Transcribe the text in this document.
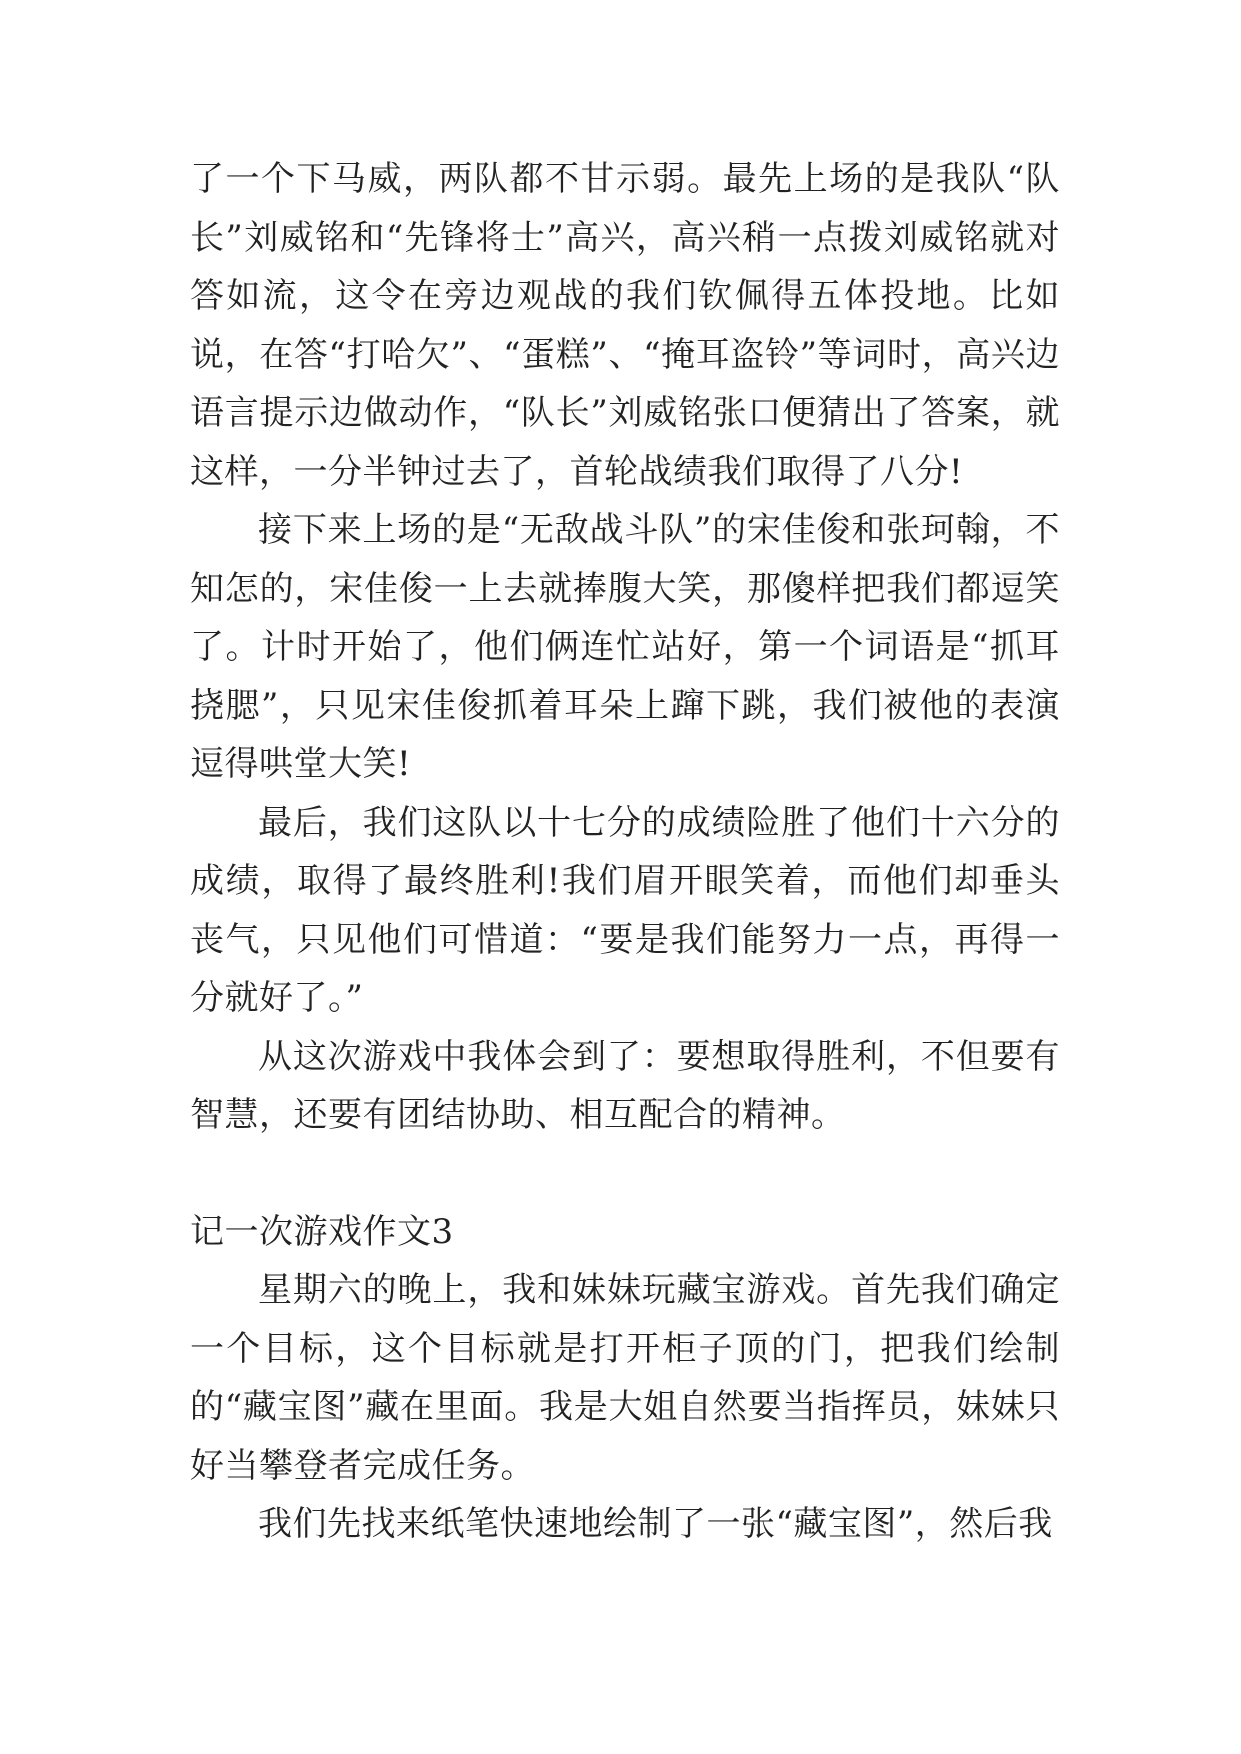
了一个下马威，两队都不甘示弱。最先上场的是我队“队长”刘威铭和“先锋将士”高兴，高兴稍一点拨刘威铭就对答如流，这令在旁边观战的我们钦佩得五体投地。比如说，在答“打哈欠”、“蛋糕”、“掩耳盗铃”等词时，高兴边语言提示边做动作，“队长”刘威铭张口便猜出了答案，就这样，一分半钟过去了，首轮战绩我们取得了八分!

接下来上场的是“无敌战斗队”的宋佳俊和张珂翰，不知怎的，宋佳俊一上去就捧腹大笑，那傻样把我们都逗笑了。计时开始了，他们俩连忙站好，第一个词语是“抓耳挠腮”，只见宋佳俊抓着耳朵上蹿下跳，我们被他的表演逗得哄堂大笑!

最后，我们这队以十七分的成绩险胜了他们十六分的成绩，取得了最终胜利!我们眉开眼笑着，而他们却垂头丧气，只见他们可惜道：“要是我们能努力一点，再得一分就好了。”

从这次游戏中我体会到了：要想取得胜利，不但要有智慧，还要有团结协助、相互配合的精神。

记一次游戏作文3

星期六的晚上，我和妹妹玩藏宝游戏。首先我们确定一个目标，这个目标就是打开柜子顶的门，把我们绘制的“藏宝图”藏在里面。我是大姐自然要当指挥员，妹妹只好当攀登者完成任务。

我们先找来纸笔快速地绘制了一张“藏宝图”，然后我
